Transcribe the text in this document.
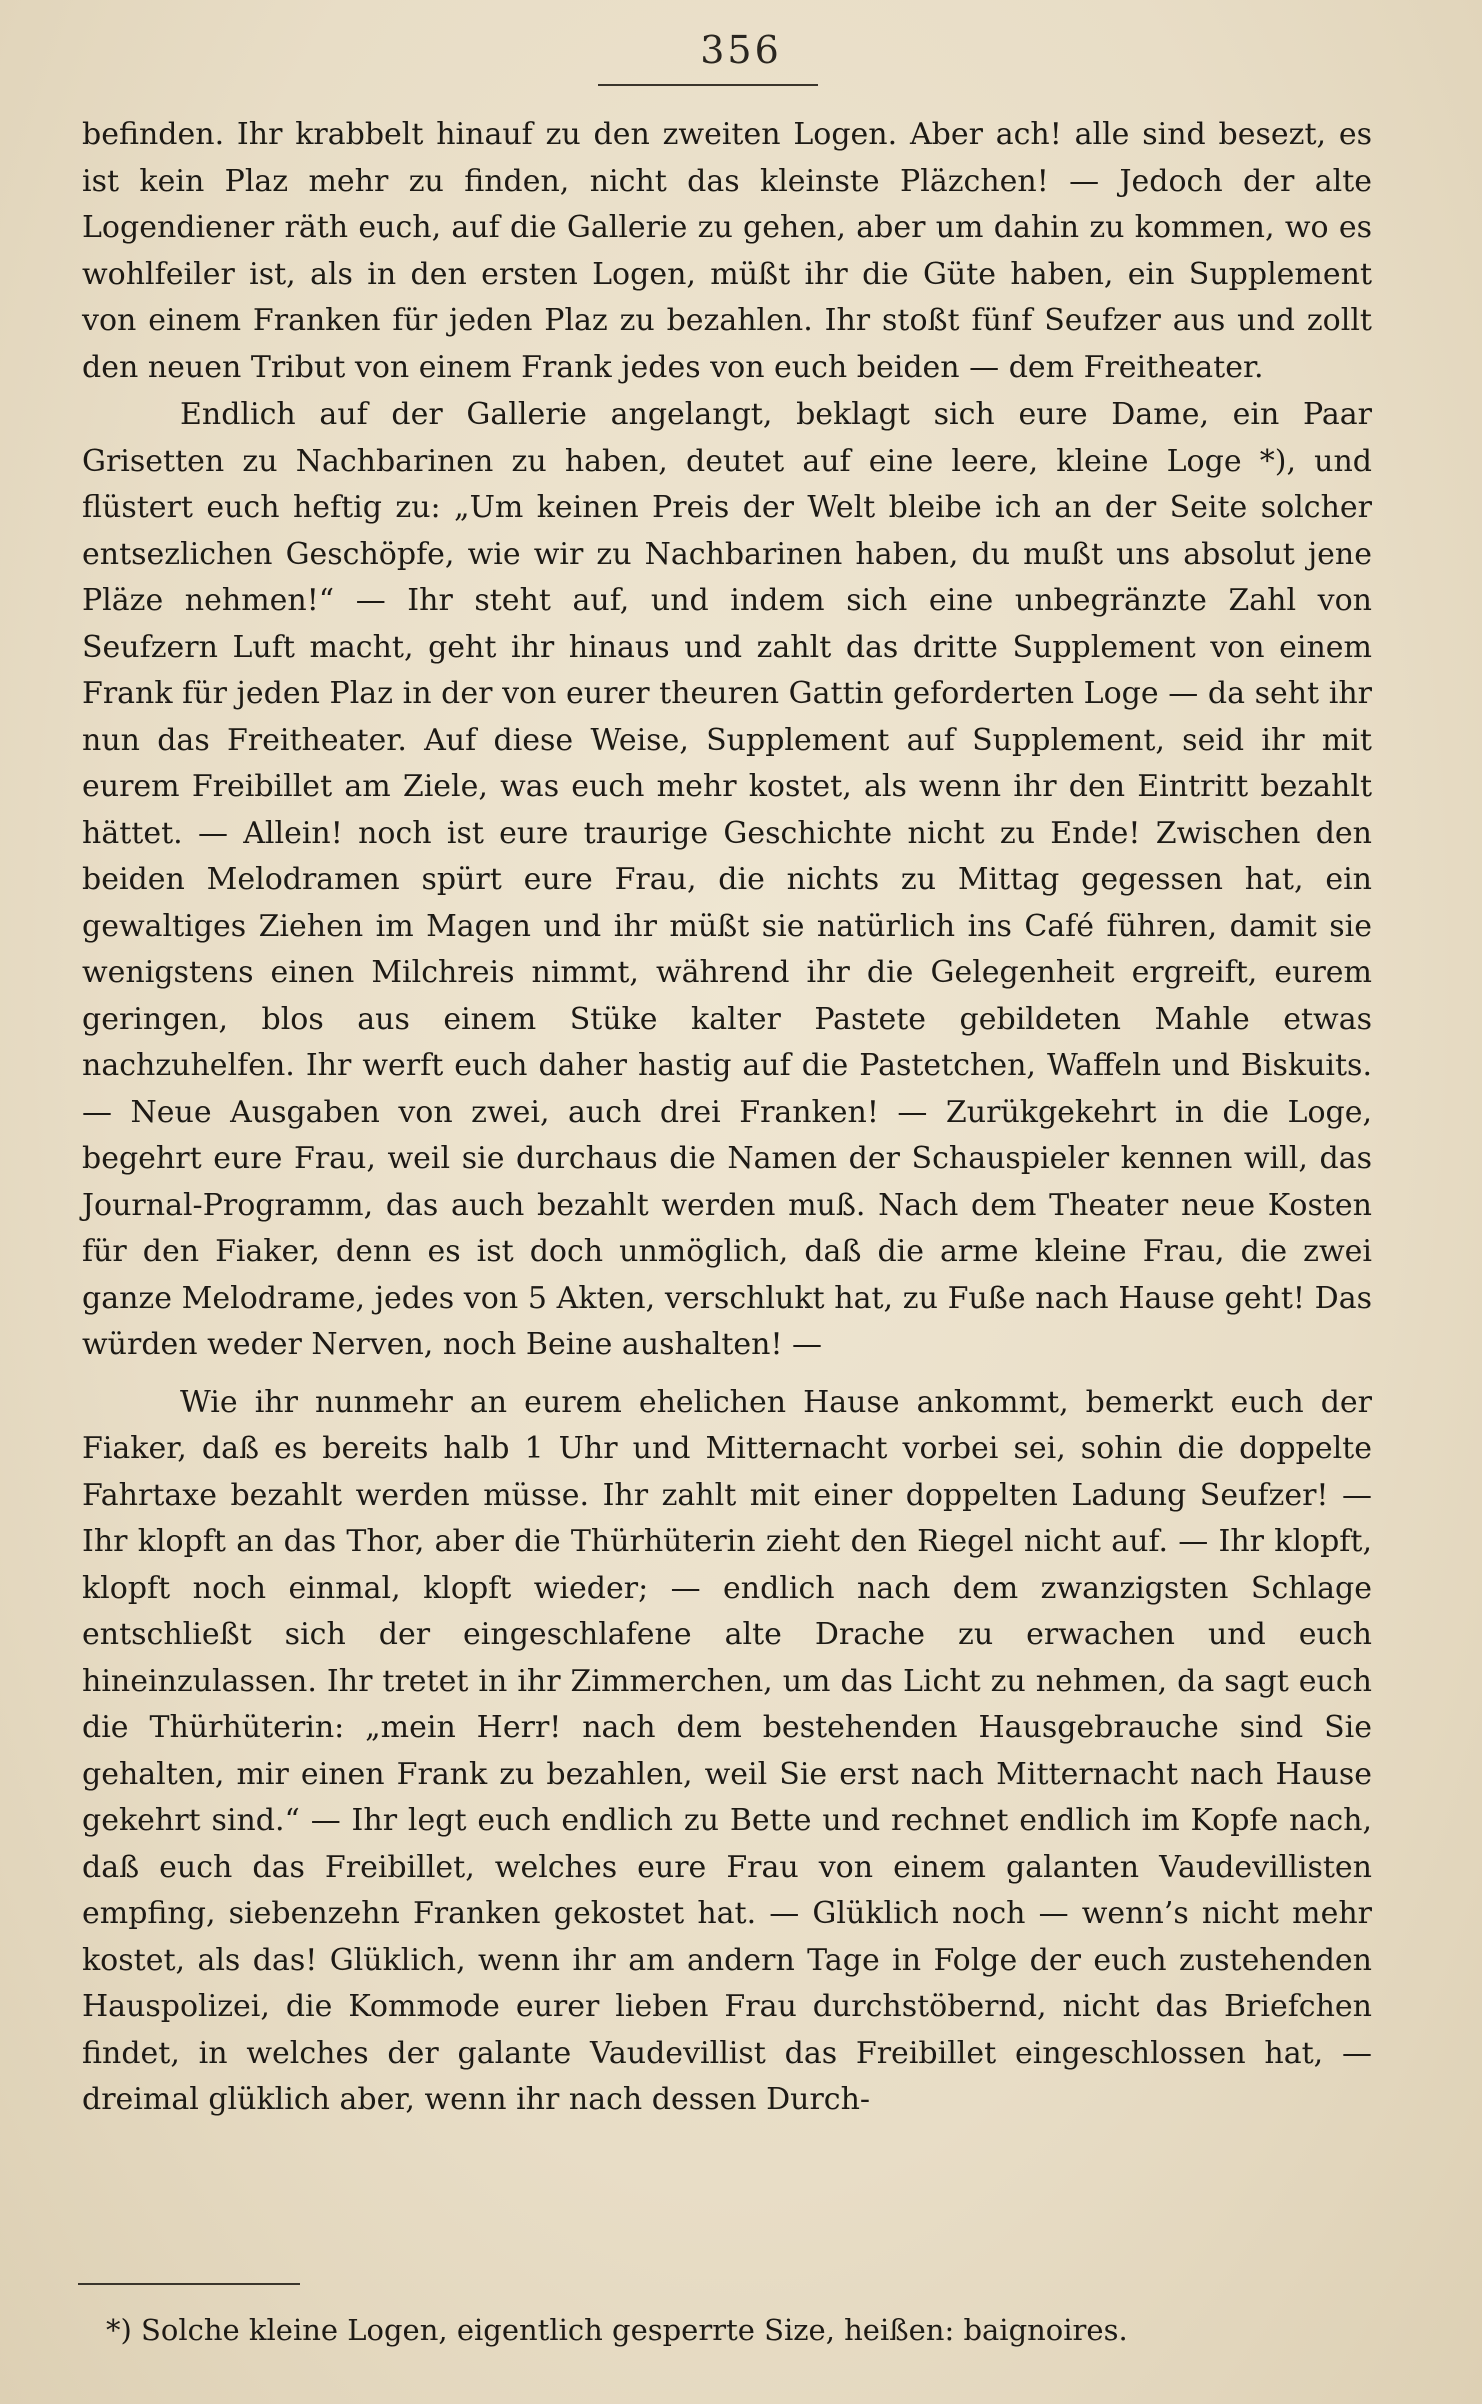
356

befinden. Ihr krabbelt hinauf zu den zweiten Logen. Aber ach! alle sind besezt, es ist kein Plaz mehr zu finden, nicht das kleinste Pläzchen! — Jedoch der alte Logendiener räth euch, auf die Gallerie zu gehen, aber um dahin zu kommen, wo es wohlfeiler ist, als in den ersten Logen, müßt ihr die Güte haben, ein Supplement von einem Franken für jeden Plaz zu bezahlen. Ihr stoßt fünf Seufzer aus und zollt den neuen Tribut von einem Frank jedes von euch beiden — dem Freitheater.

Endlich auf der Gallerie angelangt, beklagt sich eure Dame, ein Paar Grisetten zu Nachbarinen zu haben, deutet auf eine leere, kleine Loge *), und flüstert euch heftig zu: „Um keinen Preis der Welt bleibe ich an der Seite solcher entsezlichen Geschöpfe, wie wir zu Nachbarinen haben, du mußt uns absolut jene Pläze nehmen!“ — Ihr steht auf, und indem sich eine unbegränzte Zahl von Seufzern Luft macht, geht ihr hinaus und zahlt das dritte Supplement von einem Frank für jeden Plaz in der von eurer theuren Gattin geforderten Loge — da seht ihr nun das Freitheater. Auf diese Weise, Supplement auf Supplement, seid ihr mit eurem Freibillet am Ziele, was euch mehr kostet, als wenn ihr den Eintritt bezahlt hättet. — Allein! noch ist eure traurige Geschichte nicht zu Ende! Zwischen den beiden Melodramen spürt eure Frau, die nichts zu Mittag gegessen hat, ein gewaltiges Ziehen im Magen und ihr müßt sie natürlich ins Café führen, damit sie wenigstens einen Milchreis nimmt, während ihr die Gelegenheit ergreift, eurem geringen, blos aus einem Stüke kalter Pastete gebildeten Mahle etwas nachzuhelfen. Ihr werft euch daher hastig auf die Pastetchen, Waffeln und Biskuits. — Neue Ausgaben von zwei, auch drei Franken! — Zurükgekehrt in die Loge, begehrt eure Frau, weil sie durchaus die Namen der Schauspieler kennen will, das Journal-Programm, das auch bezahlt werden muß. Nach dem Theater neue Kosten für den Fiaker, denn es ist doch unmöglich, daß die arme kleine Frau, die zwei ganze Melodrame, jedes von 5 Akten, verschlukt hat, zu Fuße nach Hause geht! Das würden weder Nerven, noch Beine aushalten! —

Wie ihr nunmehr an eurem ehelichen Hause ankommt, bemerkt euch der Fiaker, daß es bereits halb 1 Uhr und Mitternacht vorbei sei, sohin die doppelte Fahrtaxe bezahlt werden müsse. Ihr zahlt mit einer doppelten Ladung Seufzer! — Ihr klopft an das Thor, aber die Thürhüterin zieht den Riegel nicht auf. — Ihr klopft, klopft noch einmal, klopft wieder; — endlich nach dem zwanzigsten Schlage entschließt sich der eingeschlafene alte Drache zu erwachen und euch hineinzulassen. Ihr tretet in ihr Zimmerchen, um das Licht zu nehmen, da sagt euch die Thürhüterin: „mein Herr! nach dem bestehenden Hausgebrauche sind Sie gehalten, mir einen Frank zu bezahlen, weil Sie erst nach Mitternacht nach Hause gekehrt sind.“ — Ihr legt euch endlich zu Bette und rechnet endlich im Kopfe nach, daß euch das Freibillet, welches eure Frau von einem galanten Vaudevillisten empfing, siebenzehn Franken gekostet hat. — Glüklich noch — wenn’s nicht mehr kostet, als das! Glüklich, wenn ihr am andern Tage in Folge der euch zustehenden Hauspolizei, die Kommode eurer lieben Frau durchstöbernd, nicht das Briefchen findet, in welches der galante Vaudevillist das Freibillet eingeschlossen hat, — dreimal glüklich aber, wenn ihr nach dessen Durch-

*) Solche kleine Logen, eigentlich gesperrte Size, heißen: baignoires.
